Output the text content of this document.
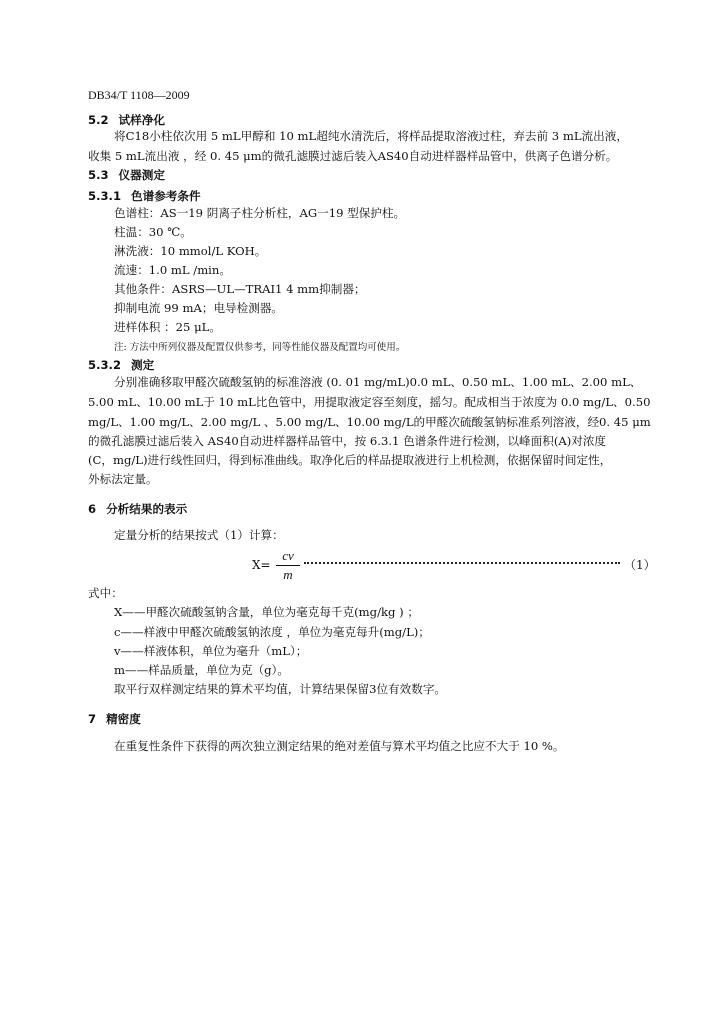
DB34/T 1108—2009
5.2 试样净化
将C18小柱依次用 5 mL甲醇和 10 mL超纯水清洗后，将样品提取溶液过柱，弃去前 3 mL流出液，
收集 5 mL流出液 ，经 0. 45 μm的微孔滤膜过滤后装入AS40自动进样器样品管中，供离子色谱分析。
5.3 仪器测定
5.3.1 色谱参考条件
色谱柱：AS一19 阴离子柱分析柱，AG一19 型保护柱。
柱温：30 ℃。
淋洗液：10 mmol/L KOH。
流速：1.0 mL /min。
其他条件：ASRS—UL—TRAI1 4 mm抑制器；
抑制电流 99 mA；电导检测器。
进样体积 ：25 μL。
注: 方法中所列仪器及配置仅供参考，同等性能仪器及配置均可使用。
5.3.2 测定
分别准确移取甲醛次硫酸氢钠的标准溶液 (0. 01 mg/mL)0.0 mL、0.50 mL、1.00 mL、2.00 mL、
5.00 mL、10.00 mL于 10 mL比色管中，用提取液定容至刻度，摇匀。配成相当于浓度为 0.0 mg/L、0.50
mg/L、1.00 mg/L、2.00 mg/L 、5.00 mg/L、10.00 mg/L的甲醛次硫酸氢钠标准系列溶液，经0. 45 μm
的微孔滤膜过滤后装入 AS40自动进样器样品管中，按 6.3.1 色谱条件进行检测，以峰面积(A)对浓度
(C，mg/L)进行线性回归，得到标准曲线。取净化后的样品提取液进行上机检测，依据保留时间定性，
外标法定量。
6 分析结果的表示
定量分析的结果按式（1）计算：
X=
cv
m
（1）
式中：
X——甲醛次硫酸氢钠含量，单位为毫克每千克(mg/kg ) ；
c——样液中甲醛次硫酸氢钠浓度 ，单位为毫克每升(mg/L)；
v——样液体积，单位为毫升（mL）；
m——样品质量，单位为克（g）。
取平行双样测定结果的算术平均值，计算结果保留3位有效数字。
7 精密度
在重复性条件下获得的两次独立测定结果的绝对差值与算术平均值之比应不大于 10 %。
